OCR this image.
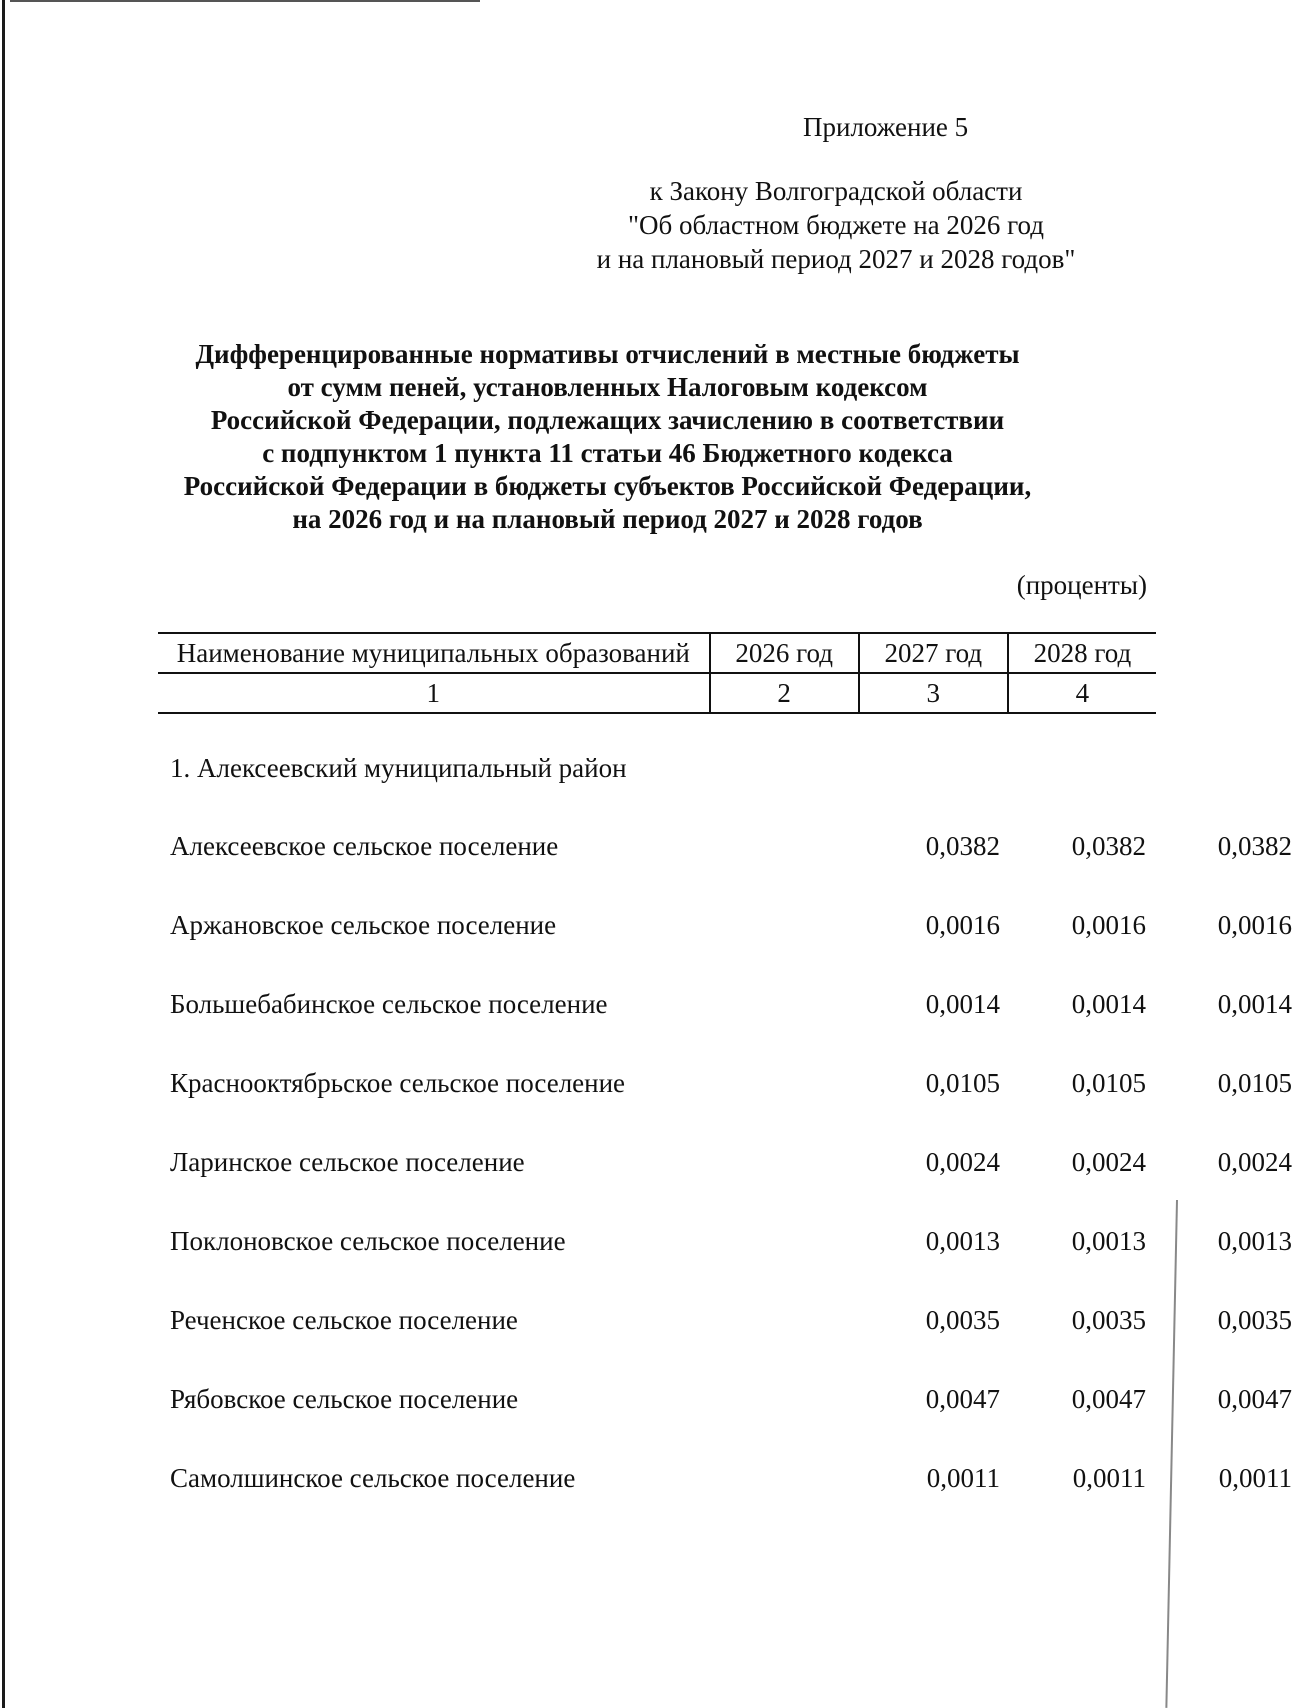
Приложение 5
к Закону Волгоградской области
"Об областном бюджете на 2026 год
и на плановый период 2027 и 2028 годов"
Дифференцированные нормативы отчислений в местные бюджеты
от сумм пеней, установленных Налоговым кодексом
Российской Федерации, подлежащих зачислению в соответствии
с подпунктом 1 пункта 11 статьи 46 Бюджетного кодекса
Российской Федерации в бюджеты субъектов Российской Федерации,
на 2026 год и на плановый период 2027 и 2028 годов
(проценты)
Наименование муниципальных образований	2026 год	2027 год	2028 год
1	2	3	4
1. Алексеевский муниципальный район
Алексеевское сельское поселение	0,0382	0,0382	0,0382
Аржановское сельское поселение	0,0016	0,0016	0,0016
Большебабинское сельское поселение	0,0014	0,0014	0,0014
Краснооктябрьское сельское поселение	0,0105	0,0105	0,0105
Ларинское сельское поселение	0,0024	0,0024	0,0024
Поклоновское сельское поселение	0,0013	0,0013	0,0013
Реченское сельское поселение	0,0035	0,0035	0,0035
Рябовское сельское поселение	0,0047	0,0047	0,0047
Самолшинское сельское поселение	0,0011	0,0011	0,0011
